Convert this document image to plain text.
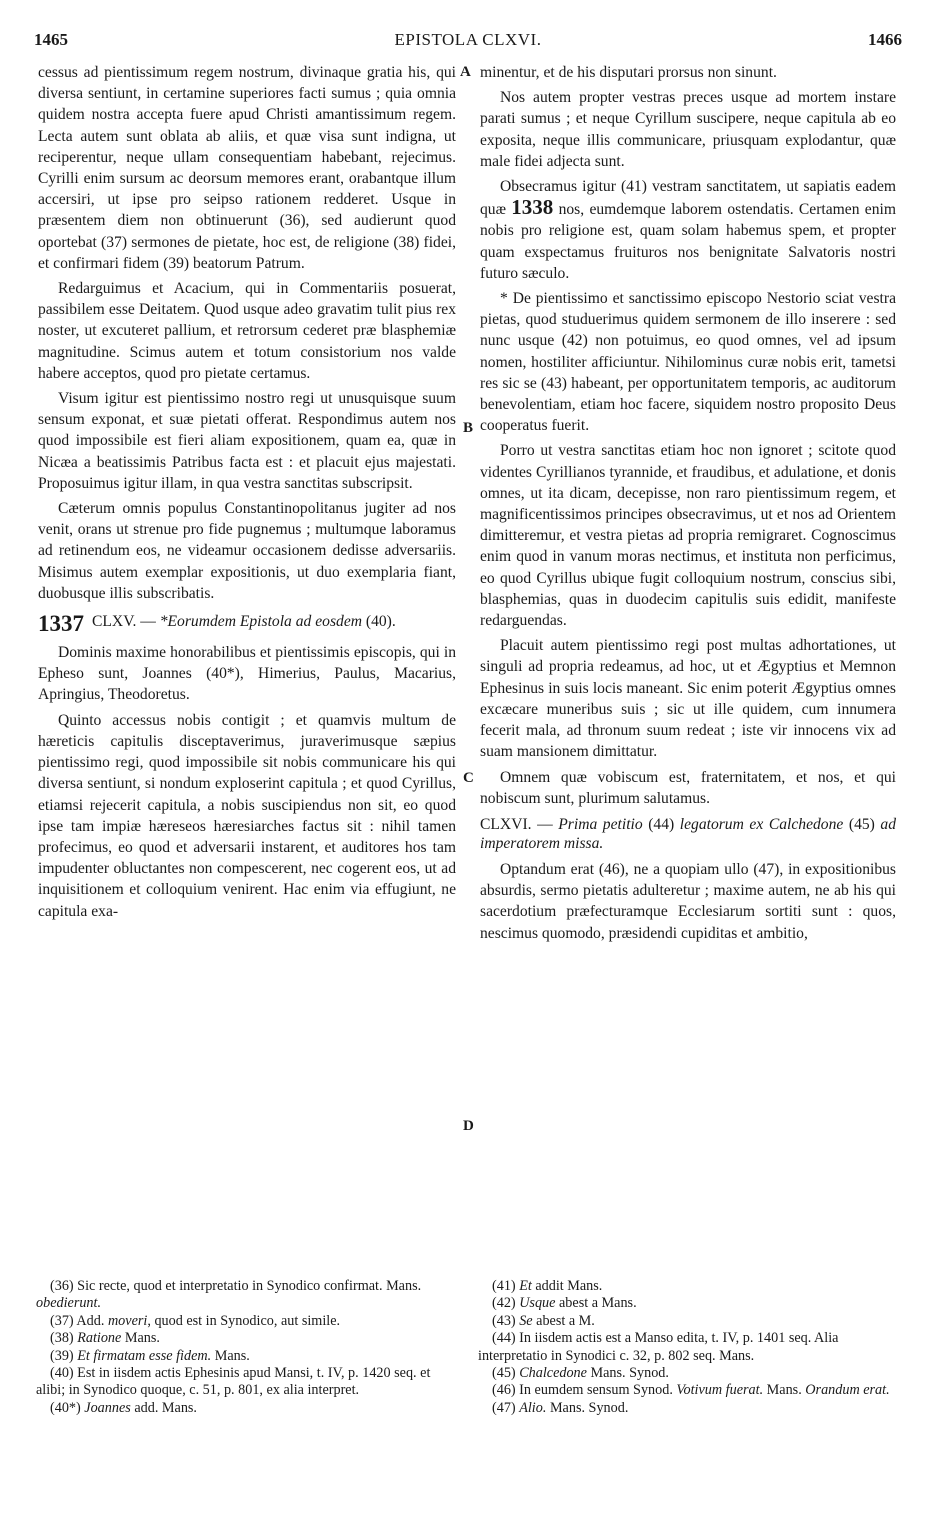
1465	EPISTOLA CLXVI.	1466
A
B
C
D

cessus ad pientissimum regem nostrum, divinaque gratia his, qui diversa sentiunt, in certamine superiores facti sumus ; quia omnia quidem nostra accepta fuere apud Christi amantissimum regem. Lecta autem sunt oblata ab aliis, et quæ visa sunt indigna, ut reciperentur, neque ullam consequentiam habebant, rejecimus. Cyrilli enim sursum ac deorsum memores erant, orabantque illum accersiri, ut ipse pro seipso rationem redderet. Usque in præsentem diem non obtinuerunt (36), sed audierunt quod oportebat (37) sermones de pietate, hoc est, de religione (38) fidei, et confirmari fidem (39) beatorum Patrum.

Redarguimus et Acacium, qui in Commentariis posuerat, passibilem esse Deitatem. Quod usque adeo gravatim tulit pius rex noster, ut excuteret pallium, et retrorsum cederet præ blasphemiæ magnitudine. Scimus autem et totum consistorium nos valde habere acceptos, quod pro pietate certamus.

Visum igitur est pientissimo nostro regi ut unusquisque suum sensum exponat, et suæ pietati offerat. Respondimus autem nos quod impossibile est fieri aliam expositionem, quam ea, quæ in Nicæa a beatissimis Patribus facta est : et placuit ejus majestati. Proposuimus igitur illam, in qua vestra sanctitas subscripsit.

Cæterum omnis populus Constantinopolitanus jugiter ad nos venit, orans ut strenue pro fide pugnemus ; multumque laboramus ad retinendum eos, ne videamur occasionem dedisse adversariis. Misimus autem exemplar expositionis, ut duo exemplaria fiant, duobusque illis subscribatis.

1337 CLXV. — *Eorumdem Epistola ad eosdem (40).

Dominis maxime honorabilibus et pientissimis episcopis, qui in Epheso sunt, Joannes (40*), Himerius, Paulus, Macarius, Apringius, Theodoretus.

Quinto accessus nobis contigit ; et quamvis multum de hæreticis capitulis disceptaverimus, juraverimusque sæpius pientissimo regi, quod impossibile sit nobis communicare his qui diversa sentiunt, si nondum exploserint capitula ; et quod Cyrillus, etiamsi rejecerit capitula, a nobis suscipiendus non sit, eo quod ipse tam impiæ hæreseos hæresiarches factus sit : nihil tamen profecimus, eo quod et adversarii instarent, et auditores hos tam impudenter obluctantes non compescerent, nec cogerent eos, ut ad inquisitionem et colloquium venirent. Hac enim via effugiunt, ne capitula exa-

minentur, et de his disputari prorsus non sinunt.

Nos autem propter vestras preces usque ad mortem instare parati sumus ; et neque Cyrillum suscipere, neque capitula ab eo exposita, neque illis communicare, priusquam explodantur, quæ male fidei adjecta sunt.

Obsecramus igitur (41) vestram sanctitatem, ut sapiatis eadem quæ 1338 nos, eumdemque laborem ostendatis. Certamen enim nobis pro religione est, quam solam habemus spem, et propter quam exspectamus fruituros nos benignitate Salvatoris nostri futuro sæculo.

* De pientissimo et sanctissimo episcopo Nestorio sciat vestra pietas, quod studuerimus quidem sermonem de illo inserere : sed nunc usque (42) non potuimus, eo quod omnes, vel ad ipsum nomen, hostiliter afficiuntur. Nihilominus curæ nobis erit, tametsi res sic se (43) habeant, per opportunitatem temporis, ac auditorum benevolentiam, etiam hoc facere, siquidem nostro proposito Deus cooperatus fuerit.

Porro ut vestra sanctitas etiam hoc non ignoret ; scitote quod videntes Cyrillianos tyrannide, et fraudibus, et adulatione, et donis omnes, ut ita dicam, decepisse, non raro pientissimum regem, et magnificentissimos principes obsecravimus, ut et nos ad Orientem dimitteremur, et vestra pietas ad propria remigraret. Cognoscimus enim quod in vanum moras nectimus, et instituta non perficimus, eo quod Cyrillus ubique fugit colloquium nostrum, conscius sibi, blasphemias, quas in duodecim capitulis suis edidit, manifeste redarguendas.

Placuit autem pientissimo regi post multas adhortationes, ut singuli ad propria redeamus, ad hoc, ut et Ægyptius et Memnon Ephesinus in suis locis maneant. Sic enim poterit Ægyptius omnes excæcare muneribus suis ; sic ut ille quidem, cum innumera fecerit mala, ad thronum suum redeat ; iste vir innocens vix ad suam mansionem dimittatur.

Omnem quæ vobiscum est, fraternitatem, et nos, et qui nobiscum sunt, plurimum salutamus.

CLXVI. — Prima petitio (44) legatorum ex Calchedone (45) ad imperatorem missa.

Optandum erat (46), ne a quopiam ullo (47), in expositionibus absurdis, sermo pietatis adulteretur ; maxime autem, ne ab his qui sacerdotium præfecturamque Ecclesiarum sortiti sunt : quos, nescimus quomodo, præsidendi cupiditas et ambitio,

(36) Sic recte, quod et interpretatio in Synodico confirmat. Mans. obedierunt.
(37) Add. moveri, quod est in Synodico, aut simile.
(38) Ratione Mans.
(39) Et firmatam esse fidem. Mans.
(40) Est in iisdem actis Ephesinis apud Mansi, t. IV, p. 1420 seq. et alibi; in Synodico quoque, c. 51, p. 801, ex alia interpret.
(40*) Joannes add. Mans.
(41) Et addit Mans.
(42) Usque abest a Mans.
(43) Se abest a M.
(44) In iisdem actis est a Manso edita, t. IV, p. 1401 seq. Alia interpretatio in Synodici c. 32, p. 802 seq. Mans.
(45) Chalcedone Mans. Synod.
(46) In eumdem sensum Synod. Votivum fuerat. Mans. Orandum erat.
(47) Alio. Mans. Synod.
